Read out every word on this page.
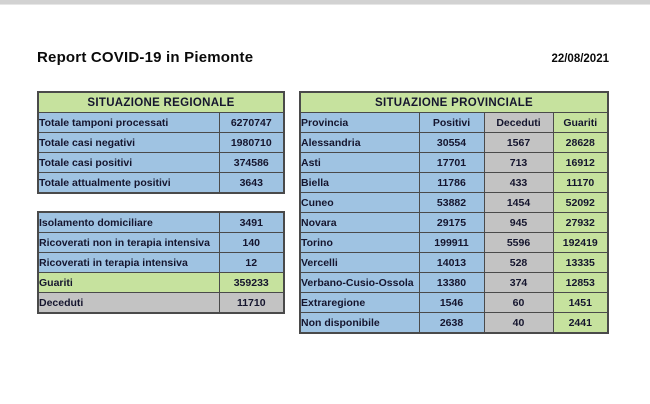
Report COVID-19 in Piemonte	22/08/2021
SITUAZIONE REGIONALE	
Totale tamponi processati	6270747
Totale casi negativi	1980710
Totale casi positivi	374586
Totale attualmente positivi	3643
Isolamento domiciliare	3491
Ricoverati non in terapia intensiva	140
Ricoverati in terapia intensiva	12
Guariti	359233
Deceduti	11710
SITUAZIONE PROVINCIALE			
Provincia	Positivi	Deceduti	Guariti
Alessandria	30554	1567	28628
Asti	17701	713	16912
Biella	11786	433	11170
Cuneo	53882	1454	52092
Novara	29175	945	27932
Torino	199911	5596	192419
Vercelli	14013	528	13335
Verbano-Cusio-Ossola	13380	374	12853
Extraregione	1546	60	1451
Non disponibile	2638	40	2441
